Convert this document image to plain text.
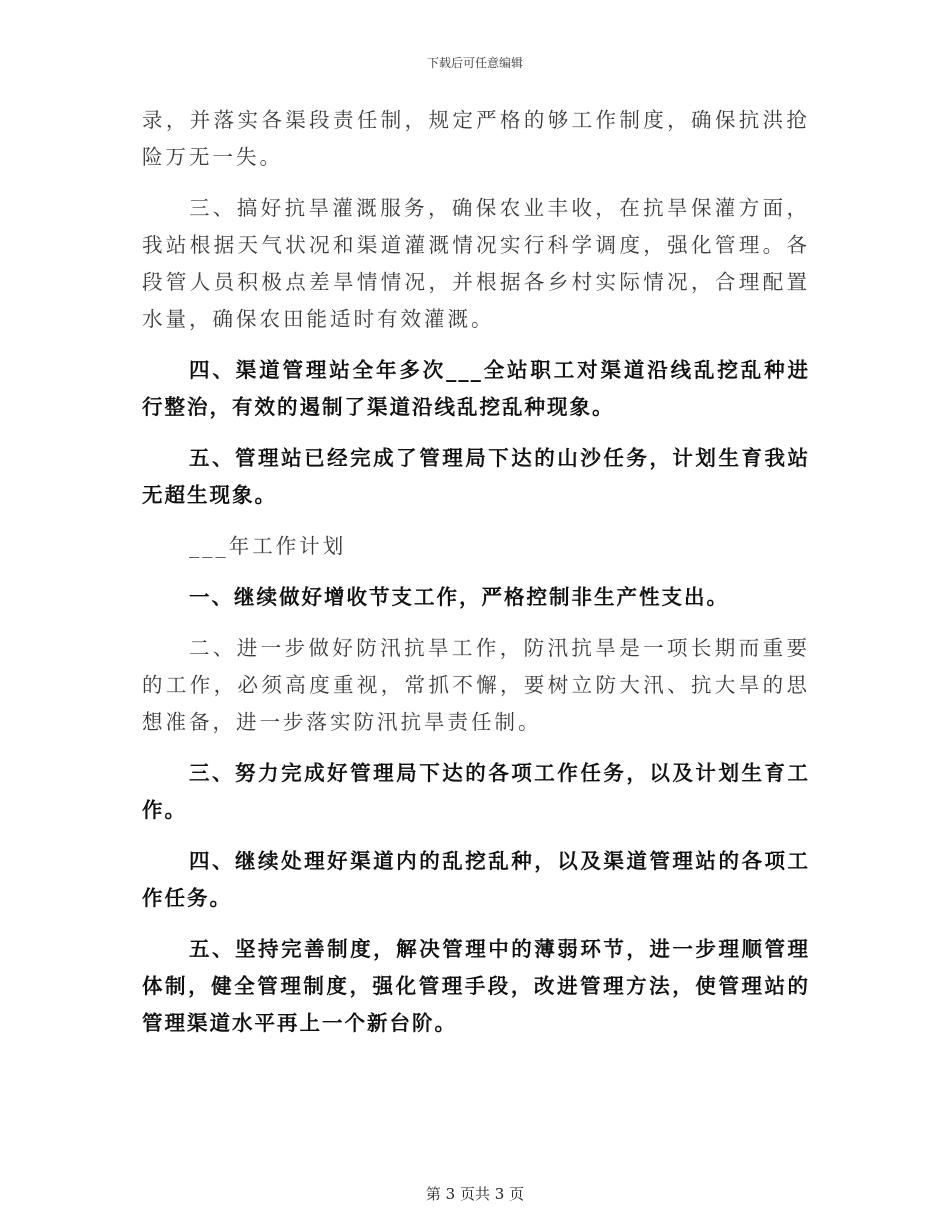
下载后可任意编辑

录，并落实各渠段责任制，规定严格的够工作制度，确保抗洪抢险万无一失。

三、搞好抗旱灌溉服务，确保农业丰收，在抗旱保灌方面，我站根据天气状况和渠道灌溉情况实行科学调度，强化管理。各段管人员积极点差旱情情况，并根据各乡村实际情况，合理配置水量，确保农田能适时有效灌溉。

四、渠道管理站全年多次___全站职工对渠道沿线乱挖乱种进行整治，有效的遏制了渠道沿线乱挖乱种现象。

五、管理站已经完成了管理局下达的山沙任务，计划生育我站无超生现象。

___年工作计划

一、继续做好增收节支工作，严格控制非生产性支出。

二、进一步做好防汛抗旱工作，防汛抗旱是一项长期而重要的工作，必须高度重视，常抓不懈，要树立防大汛、抗大旱的思想准备，进一步落实防汛抗旱责任制。

三、努力完成好管理局下达的各项工作任务，以及计划生育工作。

四、继续处理好渠道内的乱挖乱种，以及渠道管理站的各项工作任务。

五、坚持完善制度，解决管理中的薄弱环节，进一步理顺管理体制，健全管理制度，强化管理手段，改进管理方法，使管理站的管理渠道水平再上一个新台阶。

第 3 页共 3 页
